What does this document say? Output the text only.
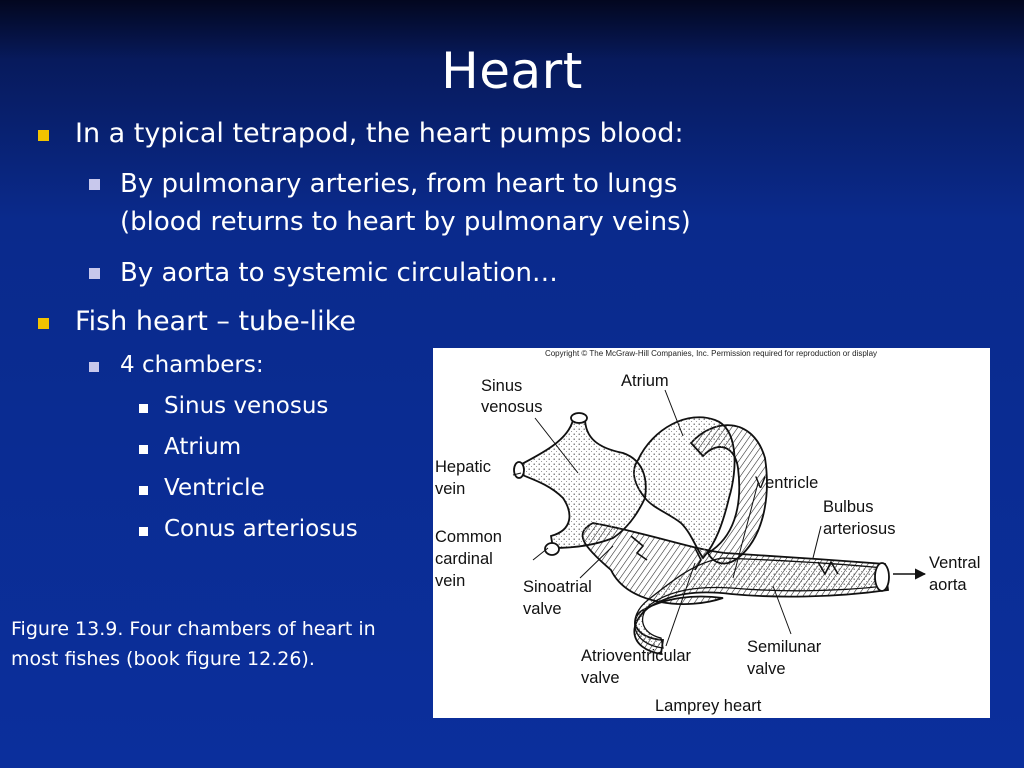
Heart
In a typical tetrapod, the heart pumps blood:
By pulmonary arteries, from heart to lungs
(blood returns to heart by pulmonary veins)
By aorta to systemic circulation…
Fish heart – tube-like
4 chambers:
Sinus venosus
Atrium
Ventricle
Conus arteriosus
Figure 13.9. Four chambers of heart in
most fishes (book figure 12.26).
Copyright © The McGraw-Hill Companies, Inc. Permission required for reproduction or display
Sinus
venosus
Atrium
Hepatic
vein	Ventricle
Bulbus
arteriosus
Common
cardinal
vein
Ventral
aorta
Sinoatrial
valve
Semilunar
valve
Atrioventricular
valve
Lamprey heart
